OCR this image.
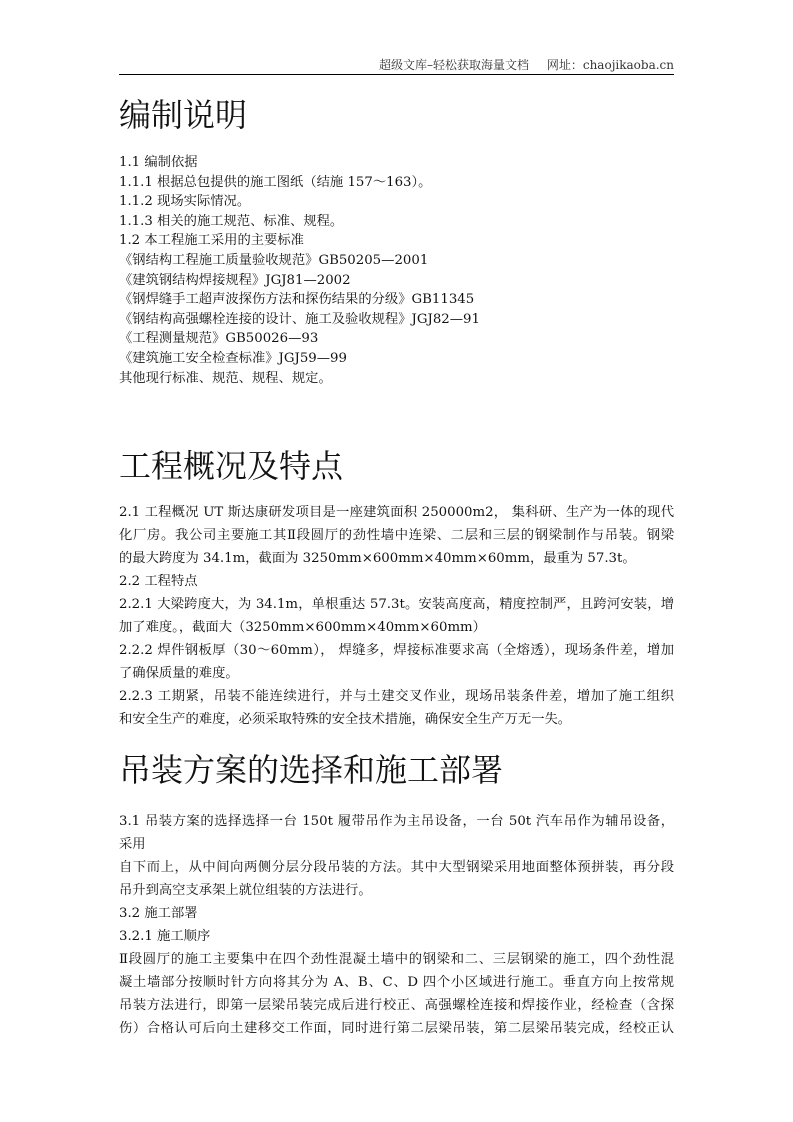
超级文库–轻松获取海量文档 网址：chaojikaoba.cn
编制说明
1.1 编制依据
1.1.1 根据总包提供的施工图纸（结施 157～163）。
1.1.2 现场实际情况。
1.1.3 相关的施工规范、标准、规程。
1.2 本工程施工采用的主要标准
《钢结构工程施工质量验收规范》GB50205—2001
《建筑钢结构焊接规程》JGJ81—2002
《钢焊缝手工超声波探伤方法和探伤结果的分级》GB11345
《钢结构高强螺栓连接的设计、施工及验收规程》JGJ82—91
《工程测量规范》GB50026—93
《建筑施工安全检查标准》JGJ59—99
其他现行标准、规范、规程、规定。
工程概况及特点
2.1 工程概况 UT 斯达康研发项目是一座建筑面积 250000m2， 集科研、生产为一体的现代
化厂房。我公司主要施工其Ⅱ段圆厅的劲性墙中连梁、二层和三层的钢梁制作与吊装。钢梁
的最大跨度为 34.1m，截面为 3250mm×600mm×40mm×60mm，最重为 57.3t。
2.2 工程特点
2.2.1 大梁跨度大，为 34.1m，单根重达 57.3t。安装高度高，精度控制严，且跨河安装，增
加了难度。，截面大（3250mm×600mm×40mm×60mm）
2.2.2 焊件钢板厚（30～60mm）， 焊缝多，焊接标准要求高（全熔透），现场条件差，增加
了确保质量的难度。
2.2.3 工期紧，吊装不能连续进行，并与土建交叉作业，现场吊装条件差，增加了施工组织
和安全生产的难度，必须采取特殊的安全技术措施，确保安全生产万无一失。
吊装方案的选择和施工部署
3.1 吊装方案的选择选择一台 150t 履带吊作为主吊设备，一台 50t 汽车吊作为辅吊设备，
采用
自下而上，从中间向两侧分层分段吊装的方法。其中大型钢梁采用地面整体预拼装，再分段
吊升到高空支承架上就位组装的方法进行。
3.2 施工部署
3.2.1 施工顺序
Ⅱ段圆厅的施工主要集中在四个劲性混凝土墙中的钢梁和二、三层钢梁的施工，四个劲性混
凝土墙部分按顺时针方向将其分为 A、B、C、D 四个小区域进行施工。垂直方向上按常规
吊装方法进行，即第一层梁吊装完成后进行校正、高强螺栓连接和焊接作业，经检查（含探
伤）合格认可后向土建移交工作面，同时进行第二层梁吊装，第二层梁吊装完成，经校正认
